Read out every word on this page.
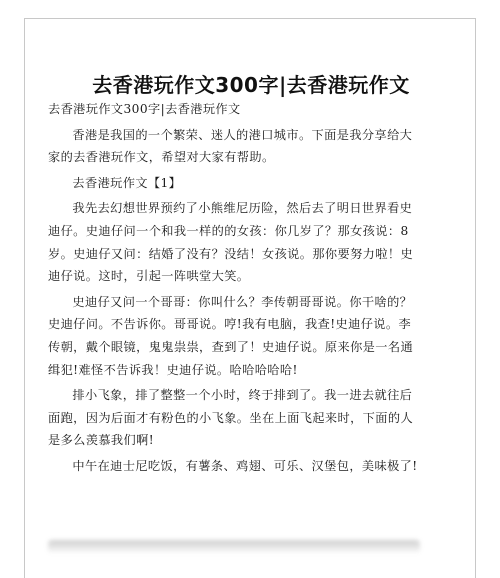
去香港玩作文300字|去香港玩作文

去香港玩作文300字|去香港玩作文

香港是我国的一个繁荣、迷人的港口城市。下面是我分享给大家的去香港玩作文，希望对大家有帮助。

去香港玩作文【1】

我先去幻想世界预约了小熊维尼历险，然后去了明日世界看史迪仔。史迪仔问一个和我一样的的女孩：你几岁了？那女孩说：8岁。史迪仔又问：结婚了没有？没结！女孩说。那你要努力啦！史迪仔说。这时，引起一阵哄堂大笑。

史迪仔又问一个哥哥：你叫什么？李传朝哥哥说。你干啥的？史迪仔问。不告诉你。哥哥说。哼!我有电脑，我查!史迪仔说。李传朝，戴个眼镜，鬼鬼祟祟，查到了！史迪仔说。原来你是一名通缉犯!难怪不告诉我！史迪仔说。哈哈哈哈哈!

排小飞象，排了整整一个小时，终于排到了。我一进去就往后面跑，因为后面才有粉色的小飞象。坐在上面飞起来时，下面的人是多么羡慕我们啊!

中午在迪士尼吃饭，有薯条、鸡翅、可乐、汉堡包，美味极了!
